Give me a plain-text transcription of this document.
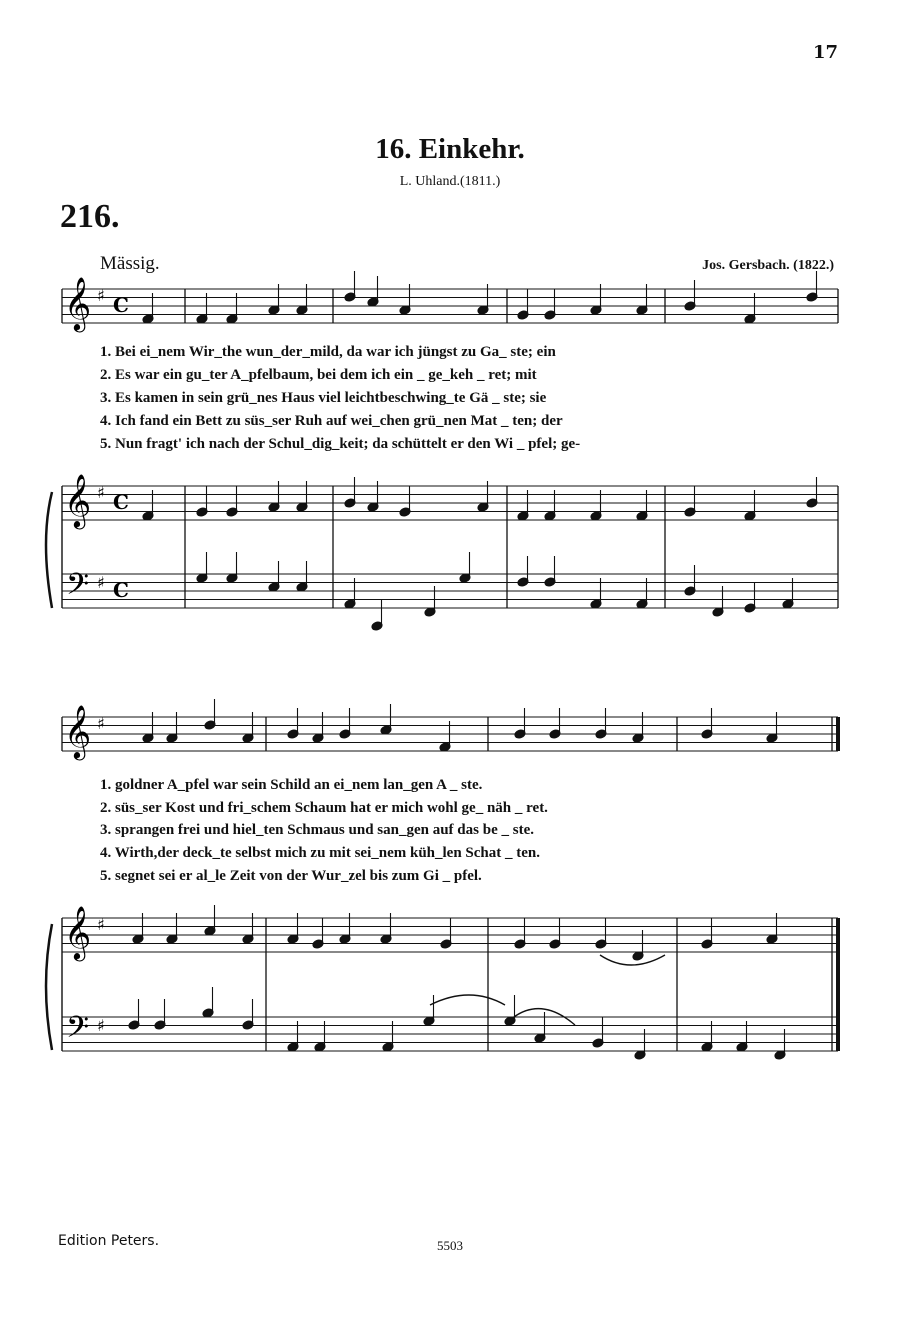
17
16. Einkehr.
L. Uhland.(1811.)
216.
Mässig.	Jos. Gersbach. (1822.)
𝄞 ♯ C
𝄞 ♯ C
𝄢 ♯ C
𝄞 ♯
𝄞 ♯
𝄢 ♯
1. Bei ei_nem Wir_the wun_der_mild, da war ich jüngst zu Ga_ ste; ein
2. Es war ein gu_ter A_pfelbaum, bei dem ich ein _ ge_keh _ ret; mit
3. Es kamen in sein grü_nes Haus viel leichtbeschwing_te Gä _ ste; sie
4. Ich fand ein Bett zu süs_ser Ruh auf wei_chen grü_nen Mat _ ten; der
5. Nun fragt' ich nach der Schul_dig_keit; da schüttelt er den Wi _ pfel; ge-
1. goldner A_pfel war sein Schild an ei_nem lan_gen A _ ste.
2. süs_ser Kost und fri_schem Schaum hat er mich wohl ge_ näh _ ret.
3. sprangen frei und hiel_ten Schmaus und san_gen auf das be _ ste.
4. Wirth,der deck_te selbst mich zu mit sei_nem küh_len Schat _ ten.
5. segnet sei er al_le Zeit von der Wur_zel bis zum Gi _ pfel.
Edition Peters.	5503
